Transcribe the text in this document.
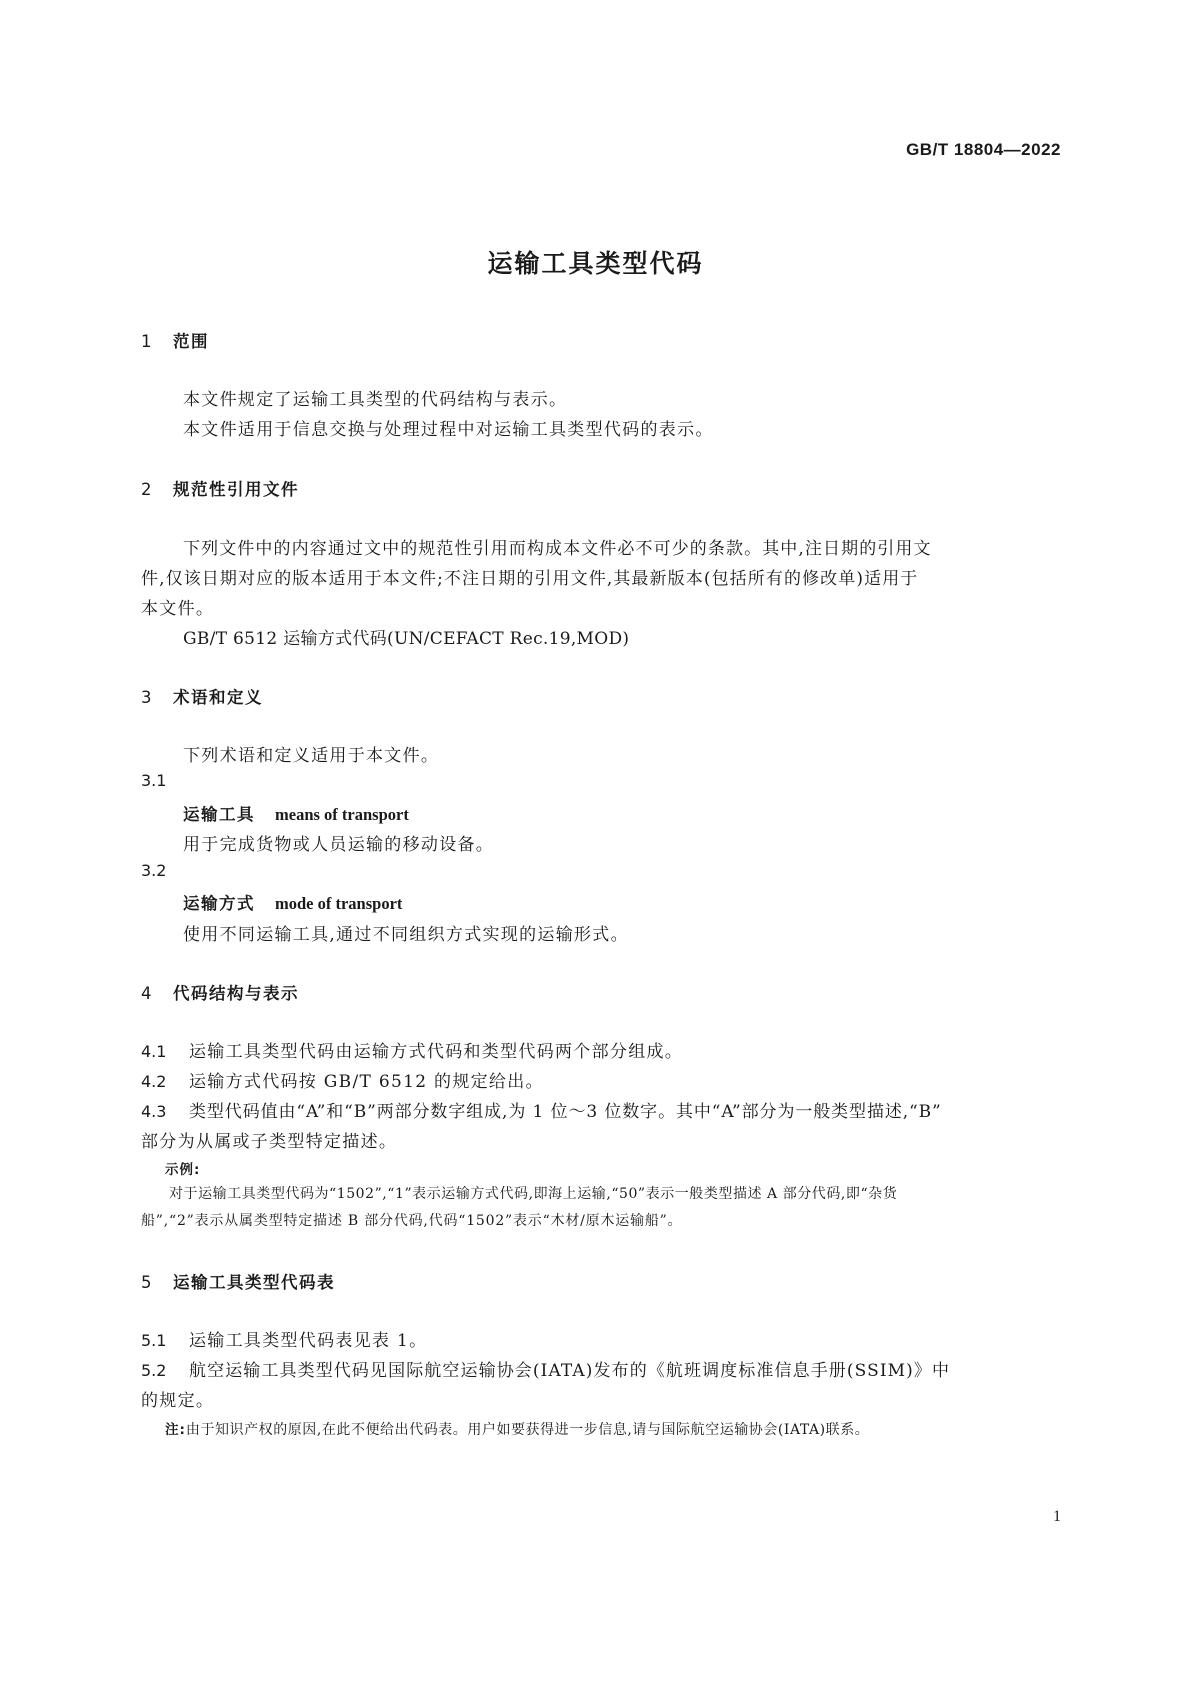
GB/T 18804—2022
运输工具类型代码
1 范围
本文件规定了运输工具类型的代码结构与表示。
本文件适用于信息交换与处理过程中对运输工具类型代码的表示。
2 规范性引用文件
下列文件中的内容通过文中的规范性引用而构成本文件必不可少的条款。其中,注日期的引用文
件,仅该日期对应的版本适用于本文件;不注日期的引用文件,其最新版本(包括所有的修改单)适用于
本文件。
GB/T 6512 运输方式代码(UN/CEFACT Rec.19,MOD)
3 术语和定义
下列术语和定义适用于本文件。
3.1
运输工具 means of transport
用于完成货物或人员运输的移动设备。
3.2
运输方式 mode of transport
使用不同运输工具,通过不同组织方式实现的运输形式。
4 代码结构与表示
4.1 运输工具类型代码由运输方式代码和类型代码两个部分组成。
4.2 运输方式代码按 GB/T 6512 的规定给出。
4.3 类型代码值由“A”和“B”两部分数字组成,为 1 位～3 位数字。其中“A”部分为一般类型描述,“B”
部分为从属或子类型特定描述。
示例:
对于运输工具类型代码为“1502”,“1”表示运输方式代码,即海上运输,“50”表示一般类型描述 A 部分代码,即“杂货
船”,“2”表示从属类型特定描述 B 部分代码,代码“1502”表示“木材/原木运输船”。
5 运输工具类型代码表
5.1 运输工具类型代码表见表 1。
5.2 航空运输工具类型代码见国际航空运输协会(IATA)发布的《航班调度标准信息手册(SSIM)》中
的规定。
注:由于知识产权的原因,在此不便给出代码表。用户如要获得进一步信息,请与国际航空运输协会(IATA)联系。
1
